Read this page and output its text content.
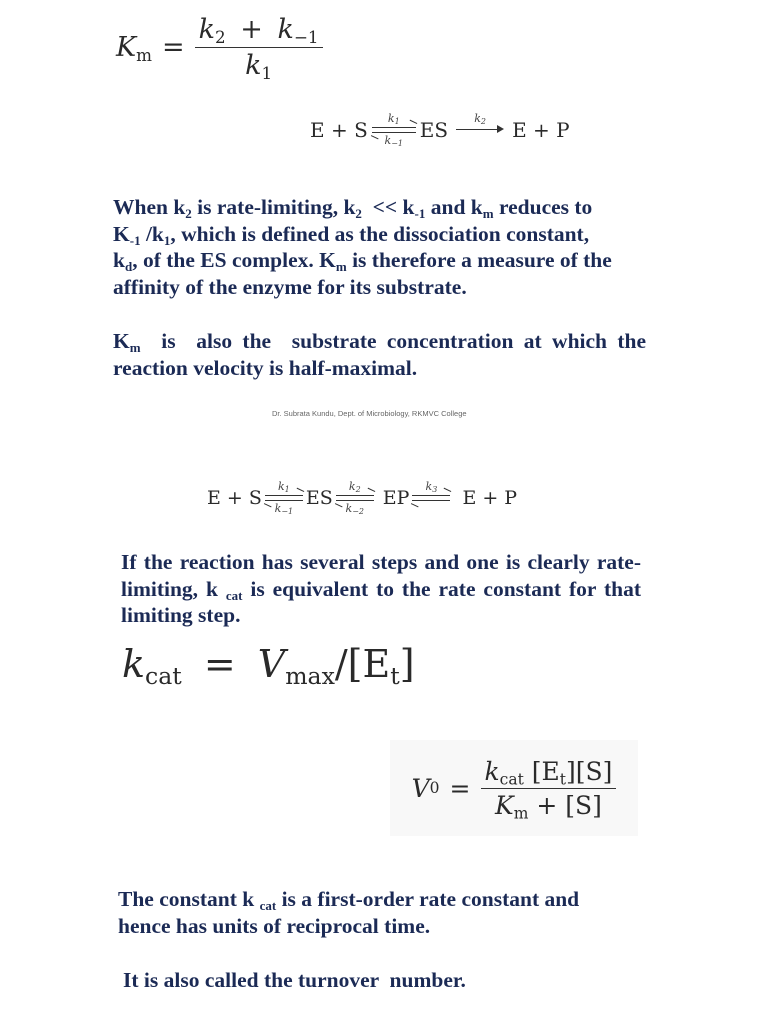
$K_m = \frac{k_2 + k_{-1}}{k_1}$
E + S $k_1$
$k_{-1}$
ES $k_2$ E + P
When $k_2$ is rate-limiting, $k_2 << k_{-1}$ and $k_m$ reduces to
$K_{-1}$ $/k_1$, which is defined as the dissociation constant,
$k_d$, of the ES complex. $K_m$ is therefore a measure of the
affinity of the enzyme for its substrate.
$K_m$  is  also the  substrate concentration at which the reaction velocity is half-maximal.
Dr. Subrata Kundu, Dept. of Microbiology, RKMVC College
E + S
$k_1$
$k_{-1}$
ES
$k_2$
$k_{-2}$
EP
$k_3$ E + P
If the reaction has several steps and one is clearly rate-limiting, k $_{cat}$ is equivalent to the rate constant for that limiting step.
$k_{cat} = V_{max}/[E_t]$
V $0 = \frac{k_{cat} [E_t][S]}{K_m + [S]}$
The constant k $_{cat}$ is a first-order rate constant and hence has units of reciprocal time.
It is also called the turnover  number.
